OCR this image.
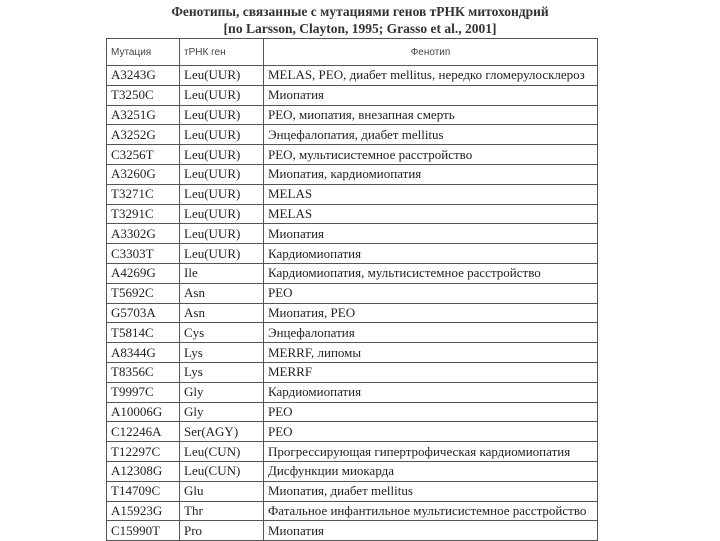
Фенотипы, связанные с мутациями генов тРНК митохондрий
[по Larsson, Clayton, 1995; Grasso et al., 2001]
Мутация	тРНК ген	Фенотип
A3243G	Leu(UUR)	MELAS, PEO, диабет mellitus, нередко гломерулосклероз
T3250C	Leu(UUR)	Миопатия
A3251G	Leu(UUR)	PEO, миопатия, внезапная смерть
A3252G	Leu(UUR)	Энцефалопатия, диабет mellitus
C3256T	Leu(UUR)	PEO, мультисистемное расстройство
A3260G	Leu(UUR)	Миопатия, кардиомиопатия
T3271C	Leu(UUR)	MELAS
T3291C	Leu(UUR)	MELAS
A3302G	Leu(UUR)	Миопатия
C3303T	Leu(UUR)	Кардиомиопатия
A4269G	Ile	Кардиомиопатия, мультисистемное расстройство
T5692C	Asn	PEO
G5703A	Asn	Миопатия, PEO
T5814C	Cys	Энцефалопатия
A8344G	Lys	MERRF, липомы
T8356C	Lys	MERRF
T9997C	Gly	Кардиомиопатия
A10006G	Gly	PEO
C12246A	Ser(AGY)	PEO
T12297C	Leu(CUN)	Прогрессирующая гипертрофическая кардиомиопатия
A12308G	Leu(CUN)	Дисфункции миокарда
T14709C	Glu	Миопатия, диабет mellitus
A15923G	Thr	Фатальное инфантильное мультисистемное расстройство
C15990T	Pro	Миопатия
